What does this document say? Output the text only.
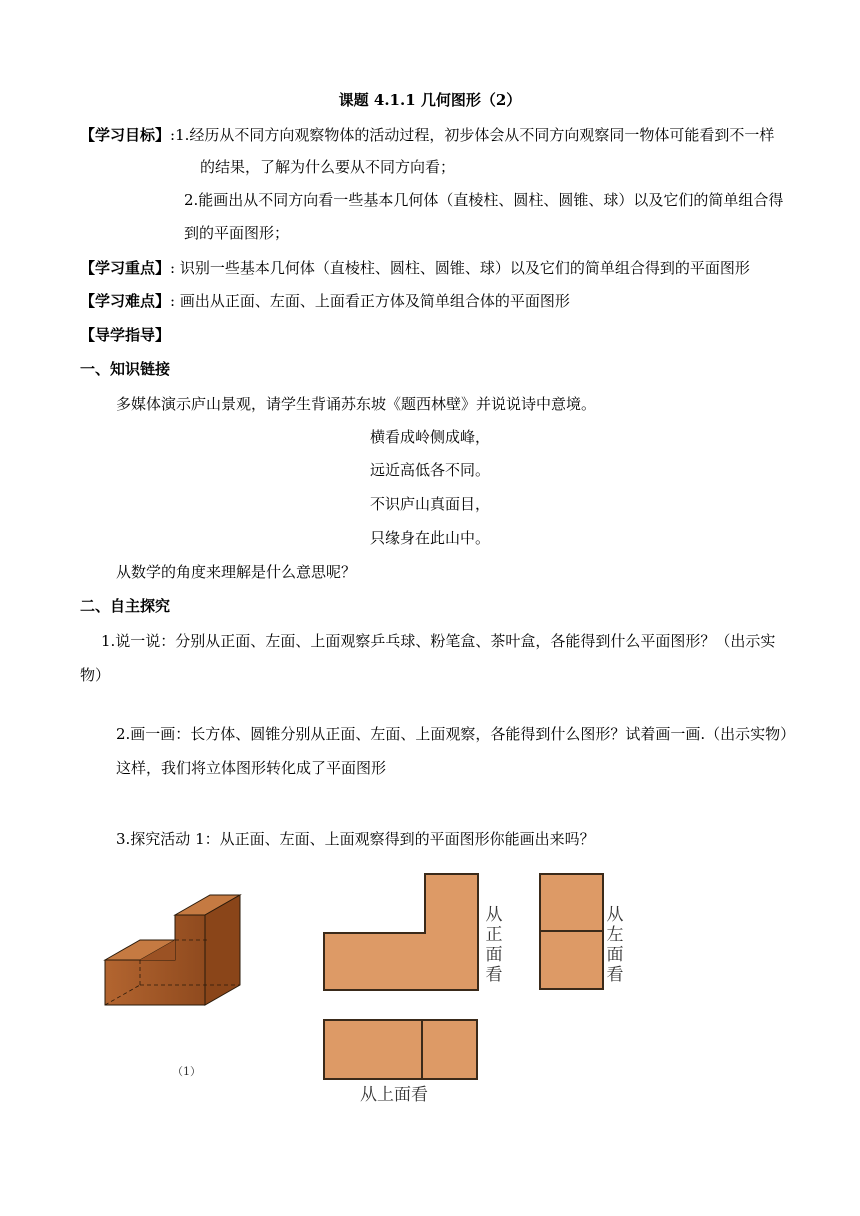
课题 4.1.1 几何图形（2）
【学习目标】:1.经历从不同方向观察物体的活动过程，初步体会从不同方向观察同一物体可能看到不一样
的结果，了解为什么要从不同方向看；
2.能画出从不同方向看一些基本几何体（直棱柱、圆柱、圆锥、球）以及它们的简单组合得
到的平面图形；
【学习重点】: 识别一些基本几何体（直棱柱、圆柱、圆锥、球）以及它们的简单组合得到的平面图形
【学习难点】: 画出从正面、左面、上面看正方体及简单组合体的平面图形
【导学指导】
一、知识链接
多媒体演示庐山景观，请学生背诵苏东坡《题西林壁》并说说诗中意境。
横看成岭侧成峰，
远近高低各不同。
不识庐山真面目，
只缘身在此山中。
从数学的角度来理解是什么意思呢？
二、自主探究
1.说一说：分别从正面、左面、上面观察乒乓球、粉笔盒、茶叶盒，各能得到什么平面图形？（出示实
物）
2.画一画：长方体、圆锥分别从正面、左面、上面观察，各能得到什么图形？试着画一画.（出示实物）
这样，我们将立体图形转化成了平面图形
3.探究活动 1：从正面、左面、上面观察得到的平面图形你能画出来吗？
（1）
从正面看
从左面看
从上面看
